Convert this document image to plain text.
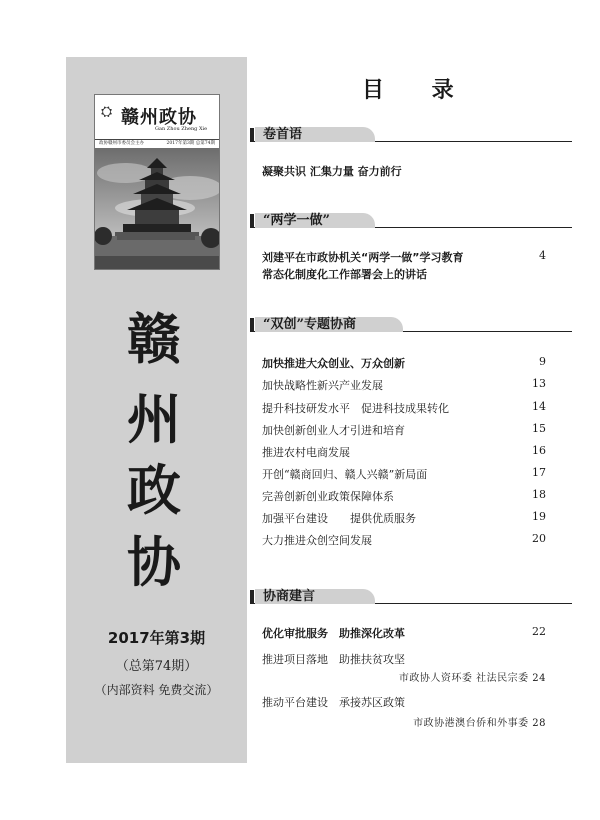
⛭ 赣州政协
Gan Zhou Zheng Xie
政协赣州市委员会主办	2017年第3期 总第74期
赣
州
政
协
2017年第3期
（总第74期）
（内部资料 免费交流）
目 录
卷首语
凝聚共识 汇集力量 奋力前行
“两学一做”
刘建平在市政协机关“两学一做”学习教育	4
常态化制度化工作部署会上的讲话
“双创”专题协商
加快推进大众创业、万众创新	9
加快战略性新兴产业发展	13
提升科技研发水平　促进科技成果转化	14
加快创新创业人才引进和培育	15
推进农村电商发展	16
开创“赣商回归、赣人兴赣”新局面	17
完善创新创业政策保障体系	18
加强平台建设　　提供优质服务	19
大力推进众创空间发展	20
协商建言
优化审批服务　助推深化改革	22
推进项目落地　助推扶贫攻坚
市政协人资环委 社法民宗委 24
推动平台建设　承接苏区政策
市政协港澳台侨和外事委 28
